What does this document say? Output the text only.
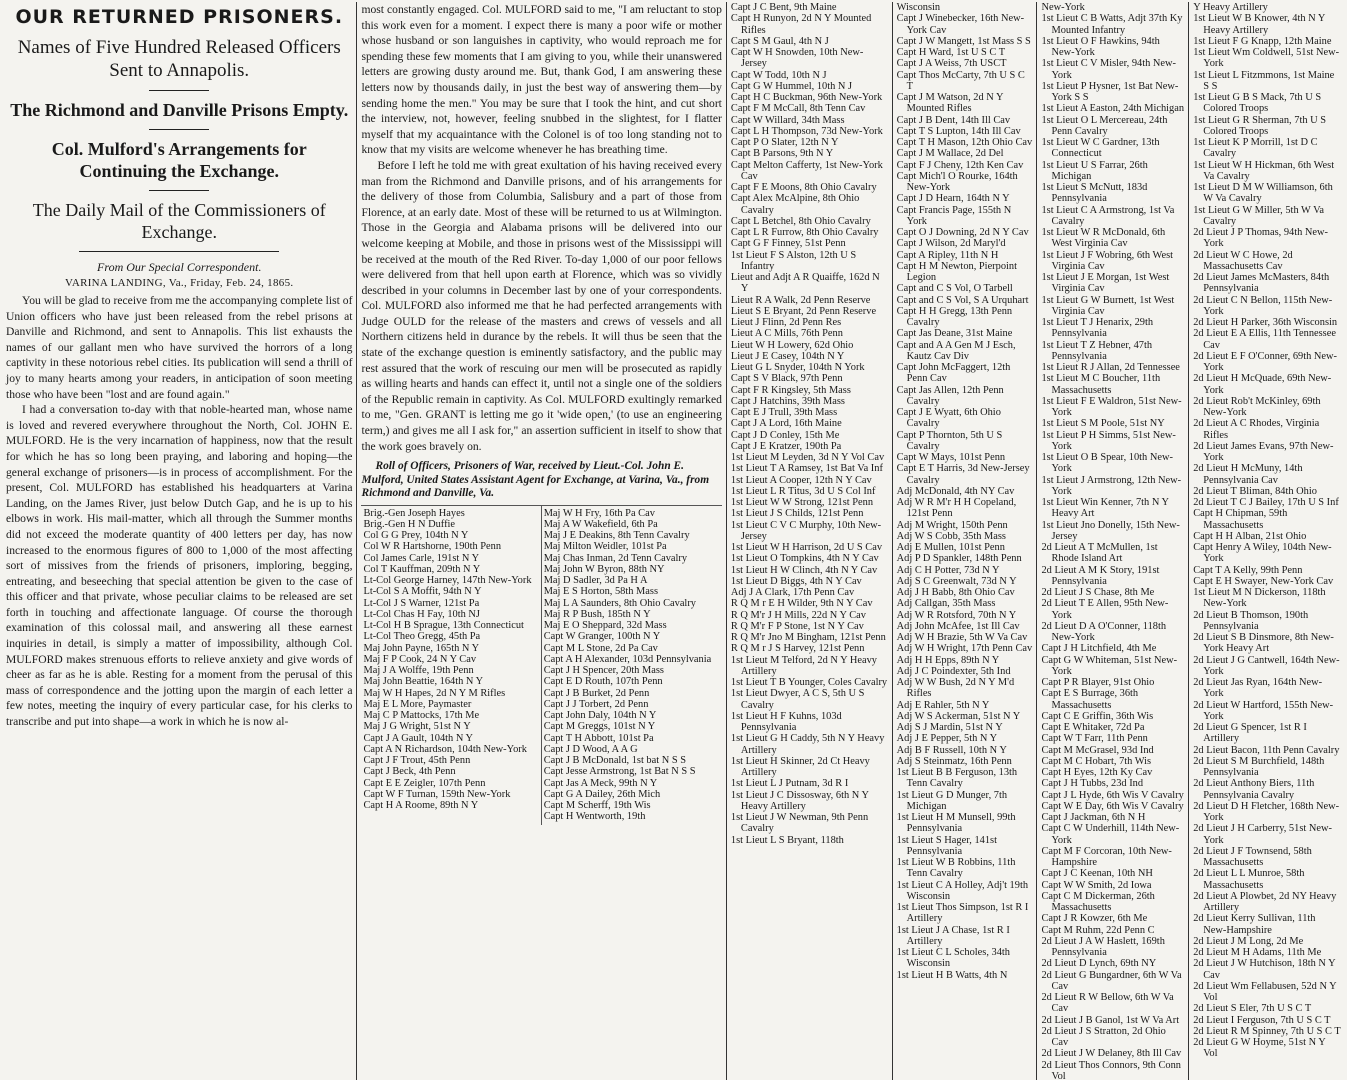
OUR RETURNED PRISONERS.
Names of Five Hundred Released Officers Sent to Annapolis.
The Richmond and Danville Prisons Empty.
Col. Mulford's Arrangements for Continuing the Exchange.
The Daily Mail of the Commissioners of Exchange.
From Our Special Correspondent.
VARINA LANDING, Va., Friday, Feb. 24, 1865.

You will be glad to receive from me the accompanying complete list of Union officers who have just been released from the rebel prisons at Danville and Richmond, and sent to Annapolis. This list exhausts the names of our gallant men who have survived the horrors of a long captivity in these notorious rebel cities. Its publication will send a thrill of joy to many hearts among your readers, in anticipation of soon meeting those who have been "lost and are found again."

I had a conversation to-day with that noble-hearted man, whose name is loved and revered everywhere throughout the North, Col. JOHN E. MULFORD. He is the very incarnation of happiness, now that the result for which he has so long been praying, and laboring and hoping—the general exchange of prisoners—is in process of accomplishment. For the present, Col. MULFORD has established his headquarters at Varina Landing, on the James River, just below Dutch Gap, and he is up to his elbows in work. His mail-matter, which all through the Summer months did not exceed the moderate quantity of 400 letters per day, has now increased to the enormous figures of 800 to 1,000 of the most affecting sort of missives from the friends of prisoners, imploring, begging, entreating, and beseeching that special attention be given to the case of this officer and that private, whose peculiar claims to be released are set forth in touching and affectionate language. Of course the thorough examination of this colossal mail, and answering all these earnest inquiries in detail, is simply a matter of impossibility, although Col. MULFORD makes strenuous efforts to relieve anxiety and give words of cheer as far as he is able. Resting for a moment from the perusal of this mass of correspondence and the jotting upon the margin of each letter a few notes, meeting the inquiry of every particular case, for his clerks to transcribe and put into shape—a work in which he is now al-

most constantly engaged. Col. MULFORD said to me, "I am reluctant to stop this work even for a moment. I expect there is many a poor wife or mother whose husband or son languishes in captivity, who would reproach me for spending these few moments that I am giving to you, while their unanswered letters are growing dusty around me. But, thank God, I am answering these letters now by thousands daily, in just the best way of answering them—by sending home the men." You may be sure that I took the hint, and cut short the interview, not, however, feeling snubbed in the slightest, for I flatter myself that my acquaintance with the Colonel is of too long standing not to know that my visits are welcome whenever he has breathing time.

Before I left he told me with great exultation of his having received every man from the Richmond and Danville prisons, and of his arrangements for the delivery of those from Columbia, Salisbury and a part of those from Florence, at an early date. Most of these will be returned to us at Wilmington. Those in the Georgia and Alabama prisons will be delivered into our welcome keeping at Mobile, and those in prisons west of the Mississippi will be received at the mouth of the Red River. To-day 1,000 of our poor fellows were delivered from that hell upon earth at Florence, which was so vividly described in your columns in December last by one of your correspondents. Col. MULFORD also informed me that he had perfected arrangements with Judge OULD for the release of the masters and crews of vessels and all Northern citizens held in durance by the rebels. It will thus be seen that the state of the exchange question is eminently satisfactory, and the public may rest assured that the work of rescuing our men will be prosecuted as rapidly as willing hearts and hands can effect it, until not a single one of the soldiers of the Republic remain in captivity. As Col. MULFORD exultingly remarked to me, "Gen. GRANT is letting me go it 'wide open,' (to use an engineering term,) and gives me all I ask for," an assertion sufficient in itself to show that the work goes bravely on.

Roll of Officers, Prisoners of War, received by Lieut.-Col. John E. Mulford, United States Assistant Agent for Exchange, at Varina, Va., from Richmond and Danville, Va.
Brig.-Gen Joseph Hayes
Brig.-Gen H N Duffie
Col G G Prey, 104th N Y
Col W R Hartshorne, 190th Penn
Col James Carle, 191st N Y
Col T Kauffman, 209th N Y
Lt-Col George Harney, 147th New-York
Lt-Col S A Moffit, 94th N Y
Lt-Col J S Warner, 121st Pa
Lt-Col Chas H Fay, 10th NJ
Lt-Col H B Sprague, 13th Connecticut
Lt-Col Theo Gregg, 45th Pa
Maj John Payne, 165th N Y
Maj F P Cook, 24 N Y Cav
Maj J A Wolffe, 19th Penn
Maj John Beattie, 164th N Y
Maj W H Hapes, 2d N Y M Rifles
Maj E L More, Paymaster
Maj C P Mattocks, 17th Me
Maj J G Wright, 51st N Y
Capt J A Gault, 104th N Y
Capt A N Richardson, 104th New-York
Capt J F Trout, 45th Penn
Capt J Beck, 4th Penn
Capt E E Zeigler, 107th Penn
Capt W F Turnan, 159th New-York
Capt H A Roome, 89th N Y
Maj W H Fry, 16th Pa Cav
Maj A W Wakefield, 6th Pa
Maj J E Deakins, 8th Tenn Cavalry
Maj Milton Weidler, 101st Pa
Maj Chas Inman, 2d Tenn Cavalry
Maj John W Byron, 88th NY
Maj D Sadler, 3d Pa H A
Maj E S Horton, 58th Mass
Maj L A Saunders, 8th Ohio Cavalry
Maj R P Bush, 185th N Y
Maj E O Sheppard, 32d Mass
Capt W Granger, 100th N Y
Capt M L Stone, 2d Pa Cav
Capt A H Alexander, 103d Pennsylvania
Capt J H Spencer, 20th Mass
Capt E D Routh, 107th Penn
Capt J B Burket, 2d Penn
Capt J J Torbert, 2d Penn
Capt John Daly, 104th N Y
Capt M Greggs, 101st N Y
Capt T H Abbott, 101st Pa
Capt J D Wood, A A G
Capt J B McDonald, 1st bat N S S
Capt Jesse Armstrong, 1st Bat N S S
Capt Jas A Meck, 99th N Y
Capt G A Dailey, 26th Mich
Capt M Scherff, 19th Wis
Capt H Wentworth, 19th
Capt J C Bent, 9th Maine
Capt H Runyon, 2d N Y Mounted Rifles
Capt S M Gaul, 4th N J
Capt W H Snowden, 10th New-Jersey
Capt W Todd, 10th N J
Capt G W Hummel, 10th N J
Capt H C Buckman, 96th New-York
Capt F M McCall, 8th Tenn Cav
Capt W Willard, 34th Mass
Capt L H Thompson, 73d New-York
Capt P O Slater, 12th N Y
Capt B Parsons, 9th N Y
Capt Melton Cafferty, 1st New-York Cav
Capt F E Moons, 8th Ohio Cavalry
Capt Alex McAlpine, 8th Ohio Cavalry
Capt L Betchel, 8th Ohio Cavalry
Capt L R Furrow, 8th Ohio Cavalry
Capt G F Finney, 51st Penn
1st Lieut F S Alston, 12th U S Infantry
Lieut and Adjt A R Quaiffe, 162d N Y
Lieut R A Walk, 2d Penn Reserve
Lieut S E Bryant, 2d Penn Reserve
Lieut J Flinn, 2d Penn Res
Lieut A C Mills, 76th Penn
Lieut W H Lowery, 62d Ohio
Lieut J E Casey, 104th N Y
Lieut G L Snyder, 104th N York
Capt S V Black, 97th Penn
Capt F R Kingsley, 5th Mass
Capt J Hatchins, 39th Mass
Capt E J Trull, 39th Mass
Capt J A Lord, 16th Maine
Capt J D Conley, 15th Me
Capt J E Kratzer, 190th Pa
1st Lieut M Leyden, 3d N Y Vol Cav
1st Lieut T A Ramsey, 1st Bat Va Inf
1st Lieut A Cooper, 12th N Y Cav
1st Lieut L R Titus, 3d U S Col Inf
1st Lieut W W Strong, 121st Penn
1st Lieut J S Childs, 121st Penn
1st Lieut C V C Murphy, 10th New-Jersey
1st Lieut W H Harrison, 2d U S Cav
1st Lieut O Tompkins, 4th N Y Cav
1st Lieut H W Clinch, 4th N Y Cav
1st Lieut D Biggs, 4th N Y Cav
Adj J A Clark, 17th Penn Cav
R Q M r E H Wilder, 9th N Y Cav
R Q M'r J H Mills, 22d N Y Cav
R Q M'r F P Stone, 1st N Y Cav
R Q M'r Jno M Bingham, 121st Penn
R Q M r J S Harvey, 121st Penn
1st Lieut M Telford, 2d N Y Heavy Artillery
1st Lieut T B Younger, Coles Cavalry
1st Lieut Dwyer, A C S, 5th U S Cavalry
1st Lieut H F Kuhns, 103d Pennsylvania
1st Lieut G H Caddy, 5th N Y Heavy Artillery
1st Lieut H Skinner, 2d Ct Heavy Artillery
1st Lieut L J Putnam, 3d R I
1st Lieut J C Dissosway, 6th N Y Heavy Artillery
1st Lieut J W Newman, 9th Penn Cavalry
1st Lieut L S Bryant, 118th
Wisconsin
Capt J Winebecker, 16th New-York Cav
Capt J W Mangett, 1st Mass S S
Capt H Ward, 1st U S C T
Capt J A Weiss, 7th USCT
Capt Thos McCarty, 7th U S C T
Capt J M Watson, 2d N Y Mounted Rifles
Capt J B Dent, 14th Ill Cav
Capt T S Lupton, 14th Ill Cav
Capt T H Mason, 12th Ohio Cav
Capt J M Wallace, 2d Del
Capt F J Cheny, 12th Ken Cav
Capt Mich'l O Rourke, 164th New-York
Capt J D Hearn, 164th N Y
Capt Francis Page, 155th N York
Capt O J Downing, 2d N Y Cav
Capt J Wilson, 2d Maryl'd
Capt A Ripley, 11th N H
Capt H M Newton, Pierpoint Legion
Capt and C S Vol, O Tarbell
Capt and C S Vol, S A Urquhart
Capt H H Gregg, 13th Penn Cavalry
Capt Jas Deane, 31st Maine
Capt and A A Gen M J Esch, Kautz Cav Div
Capt John McFaggert, 12th Penn Cav
Capt Jas Allen, 12th Penn Cavalry
Capt J E Wyatt, 6th Ohio Cavalry
Capt P Thornton, 5th U S Cavalry
Capt W Mays, 101st Penn
Capt E T Harris, 3d New-Jersey Cavalry
Adj McDonald, 4th NY Cav
Adj W R M'r H H Copeland, 121st Penn
Adj M Wright, 150th Penn
Adj W S Cobb, 35th Mass
Adj E Mullen, 101st Penn
Adj P D Spankler, 148th Penn
Adj C H Potter, 73d N Y
Adj S C Greenwalt, 73d N Y
Adj J H Babb, 8th Ohio Cav
Adj Callgan, 35th Mass
Adj W R Rotsford, 70th N Y
Adj John McAfee, 1st Ill Cav
Adj W H Brazie, 5th W Va Cav
Adj W H Wright, 17th Penn Cav
Adj H H Epps, 89th N Y
Adj J C Poindexter, 5th Ind
Adj W W Bush, 2d N Y M'd Rifles
Adj E Rahler, 5th N Y
Adj W S Ackerman, 51st N Y
Adj S J Mardin, 51st N Y
Adj J E Pepper, 5th N Y
Adj B F Russell, 10th N Y
Adj S Steinmatz, 16th Penn
1st Lieut B B Ferguson, 13th Tenn Cavalry
1st Lieut G D Munger, 7th Michigan
1st Lieut H M Munsell, 99th Pennsylvania
1st Lieut S Hager, 141st Pennsylvania
1st Lieut W B Robbins, 11th Tenn Cavalry
1st Lieut C A Holley, Adj't 19th Wisconsin
1st Lieut Thos Simpson, 1st R I Artillery
1st Lieut J A Chase, 1st R I Artillery
1st Lieut C L Scholes, 34th Wisconsin
1st Lieut H B Watts, 4th N
New-York
1st Lieut C B Watts, Adjt 37th Ky Mounted Infantry
1st Lieut O F Hawkins, 94th New-York
1st Lieut C V Misler, 94th New-York
1st Lieut P Hysner, 1st Bat New-York S S
1st Lieut A Easton, 24th Michigan
1st Lieut O L Mercereau, 24th Penn Cavalry
1st Lieut W C Gardner, 13th Connecticut
1st Lieut U S Farrar, 26th Michigan
1st Lieut S McNutt, 183d Pennsylvania
1st Lieut C A Armstrong, 1st Va Cavalry
1st Lieut W R McDonald, 6th West Virginia Cav
1st Lieut J F Wobring, 6th West Virginia Cav
1st Lieut J E Morgan, 1st West Virginia Cav
1st Lieut G W Burnett, 1st West Virginia Cav
1st Lieut T J Henarix, 29th Pennsylvania
1st Lieut T Z Hebner, 47th Pennsylvania
1st Lieut R J Allan, 2d Tennessee
1st Lieut M C Boucher, 11th Massachusetts
1st Lieut F E Waldron, 51st New-York
1st Lieut S M Poole, 51st NY
1st Lieut P H Simms, 51st New-York
1st Lieut O B Spear, 10th New-York
1st Lieut J Armstrong, 12th New-York
1st Lieut Win Kenner, 7th N Y Heavy Art
1st Lieut Jno Donelly, 15th New-Jersey
2d Lieut A T McMullen, 1st Rhode Island Art
2d Lieut A M K Story, 191st Pennsylvania
2d Lieut J S Chase, 8th Me
2d Lieut T E Allen, 95th New-York
2d Lieut D A O'Conner, 118th New-York
Capt J H Litchfield, 4th Me
Capt G W Whiteman, 51st New-York
Capt P R Blayer, 91st Ohio
Capt E S Burrage, 36th Massachusetts
Capt C E Griffin, 36th Wis
Capt E Whitaker, 72d Pa
Capt W T Farr, 11th Penn
Capt M McGrasel, 93d Ind
Capt M C Hobart, 7th Wis
Capt H Eyes, 12th Ky Cav
Capt J H Tubbs, 23d Ind
Capt J L Hyde, 6th Wis V Cavalry
Capt W E Day, 6th Wis V Cavalry
Capt J Jackman, 6th N H
Capt C W Underhill, 114th New-York
Capt M F Corcoran, 10th New-Hampshire
Capt J C Keenan, 10th NH
Capt W W Smith, 2d Iowa
Capt C M Dickerman, 26th Massachusetts
Capt J R Kowzer, 6th Me
Capt M Ruhm, 22d Penn C
2d Lieut J A W Haslett, 169th Pennsylvania
2d Lieut D Lynch, 69th NY
2d Lieut G Bungardner, 6th W Va Cav
2d Lieut R W Bellow, 6th W Va Cav
2d Lieut J B Ganol, 1st W Va Art
2d Lieut J S Stratton, 2d Ohio Cav
2d Lieut J W Delaney, 8th Ill Cav
2d Lieut Thos Connors, 9th Conn Vol
Y Heavy Artillery
1st Lieut W B Knower, 4th N Y Heavy Artillery
1st Lieut F G Knapp, 12th Maine
1st Lieut Wm Coldwell, 51st New-York
1st Lieut L Fitzmmons, 1st Maine S S
1st Lieut G B S Mack, 7th U S Colored Troops
1st Lieut G R Sherman, 7th U S Colored Troops
1st Lieut K P Morrill, 1st D C Cavalry
1st Lieut W H Hickman, 6th West Va Cavalry
1st Lieut D M W Williamson, 6th W Va Cavalry
1st Lieut G W Miller, 5th W Va Cavalry
2d Lieut J P Thomas, 94th New-York
2d Lieut W C Howe, 2d Massachusetts Cav
2d Lieut James McMasters, 84th Pennsylvania
2d Lieut C N Bellon, 115th New-York
2d Lieut H Parker, 36th Wisconsin
2d Lieut E A Ellis, 11th Tennessee Cav
2d Lieut E F O'Conner, 69th New-York
2d Lieut H McQuade, 69th New-York
2d Lieut Rob't McKinley, 69th New-York
2d Lieut A C Rhodes, Virginia Rifles
2d Lieut James Evans, 97th New-York
2d Lieut H McMuny, 14th Pennsylvania Cav
2d Lieut T Bliman, 84th Ohio
2d Lieut T C J Bailey, 17th U S Inf
Capt H Chipman, 59th Massachusetts
Capt H H Alban, 21st Ohio
Capt Henry A Wiley, 104th New-York
Capt T A Kelly, 99th Penn
Capt E H Swayer, New-York Cav
1st Lieut M N Dickerson, 118th New-York
2d Lieut B Thomson, 190th Pennsylvania
2d Lieut S B Dinsmore, 8th New-York Heavy Art
2d Lieut J G Cantwell, 164th New-York
2d Lieut Jas Ryan, 164th New-York
2d Lieut W Hartford, 155th New-York
2d Lieut G Spencer, 1st R I Artillery
2d Lieut Bacon, 11th Penn Cavalry
2d Lieut S M Burchfield, 148th Pennsylvania
2d Lieut Anthony Biers, 11th Pennsylvania Cavalry
2d Lieut D H Fletcher, 168th New-York
2d Lieut J H Carberry, 51st New-York
2d Lieut J F Townsend, 58th Massachusetts
2d Lieut L L Munroe, 58th Massachusetts
2d Lieut A Plowbet, 2d NY Heavy Artillery
2d Lieut Kerry Sullivan, 11th New-Hampshire
2d Lieut J M Long, 2d Me
2d Lieut M H Adams, 11th Me
2d Lieut J W Hutchison, 18th N Y Cav
2d Lieut Wm Fellabusen, 52d N Y Vol
2d Lieut S Eler, 7th U S C T
2d Lieut I Ferguson, 7th U S C T
2d Lieut R M Spinney, 7th U S C T
2d Lieut G W Hoyme, 51st N Y Vol
